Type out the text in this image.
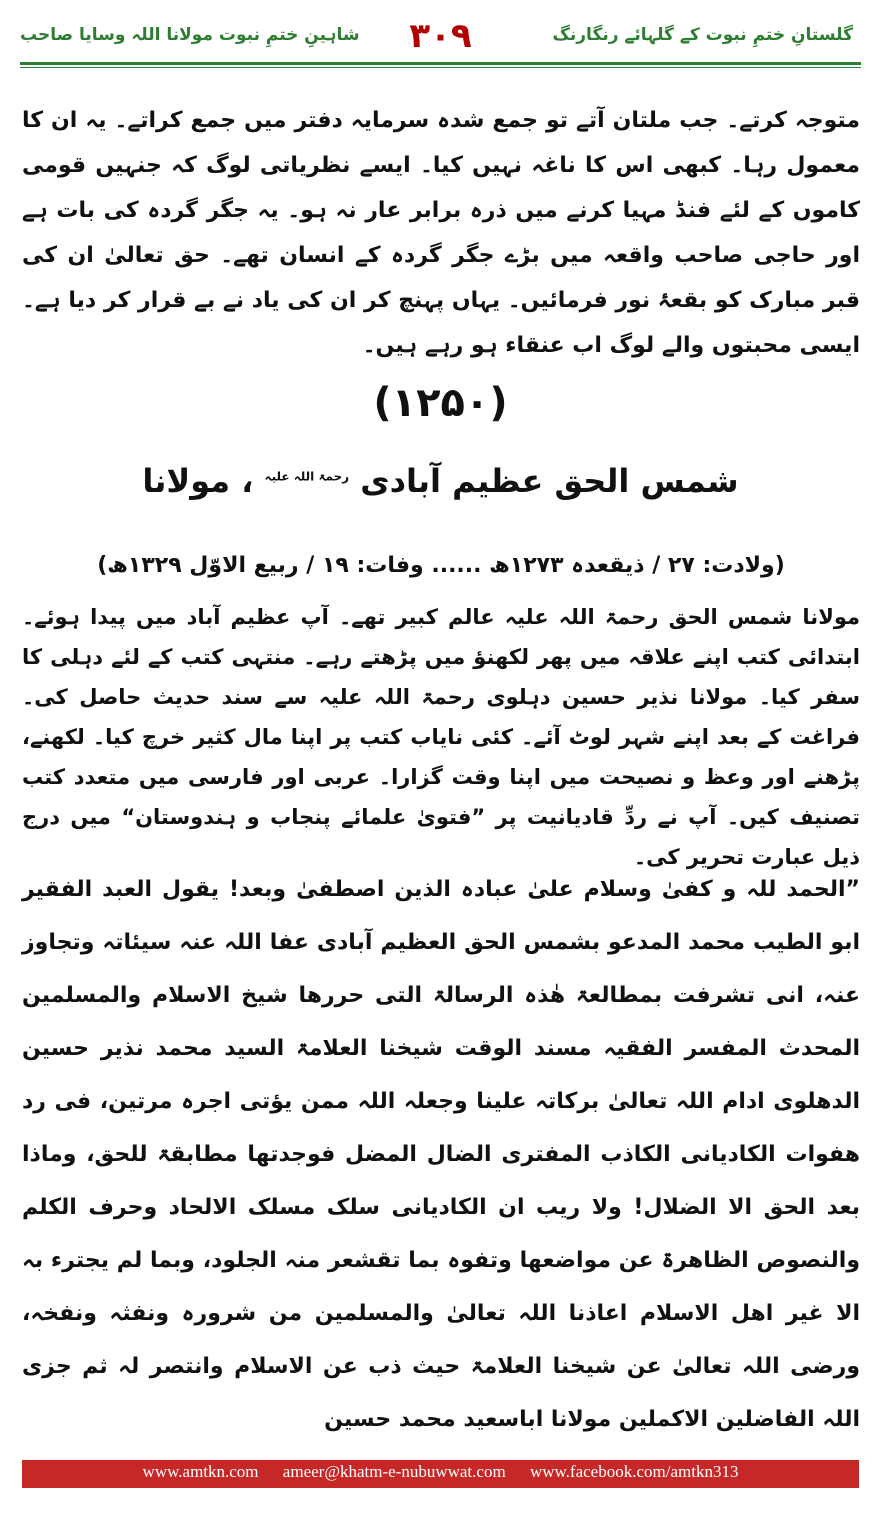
گلستانِ ختمِ نبوت کے گلہائے رنگارنگ
۳۰۹
شاہینِ ختمِ نبوت مولانا اللہ وسایا صاحب
متوجہ کرتے۔ جب ملتان آتے تو جمع شدہ سرمایہ دفتر میں جمع کراتے۔ یہ ان کا معمول رہا۔ کبھی اس کا ناغہ نہیں کیا۔ ایسے نظریاتی لوگ کہ جنہیں قومی کاموں کے لئے فنڈ مہیا کرنے میں ذرہ برابر عار نہ ہو۔ یہ جگر گردہ کی بات ہے اور حاجی صاحب واقعہ میں بڑے جگر گردہ کے انسان تھے۔ حق تعالیٰ ان کی قبر مبارک کو بقعۂ نور فرمائیں۔ یہاں پہنچ کر ان کی یاد نے بے قرار کر دیا ہے۔ ایسی محبتوں والے لوگ اب عنقاء ہو رہے ہیں۔
(۱۲۵۰)
شمس الحق عظیم آبادی $^{رحمۃ اللہ علیہ}$ ، مولانا
(ولادت: ۲۷ / ذیقعدہ ۱۲۷۳ھ ...... وفات: ۱۹ / ربیع الاوّل ۱۳۲۹ھ)
مولانا شمس الحق رحمۃ اللہ علیہ عالم کبیر تھے۔ آپ عظیم آباد میں پیدا ہوئے۔ ابتدائی کتب اپنے علاقہ میں پھر لکھنؤ میں پڑھتے رہے۔ منتہی کتب کے لئے دہلی کا سفر کیا۔ مولانا نذیر حسین دہلوی رحمۃ اللہ علیہ سے سند حدیث حاصل کی۔ فراغت کے بعد اپنے شہر لوٹ آئے۔ کئی نایاب کتب پر اپنا مال کثیر خرچ کیا۔ لکھنے، پڑھنے اور وعظ و نصیحت میں اپنا وقت گزارا۔ عربی اور فارسی میں متعدد کتب تصنیف کیں۔ آپ نے ردِّ قادیانیت پر ”فتویٰ علمائے پنجاب و ہندوستان“ میں درج ذیل عبارت تحریر کی۔
”الحمد للہ و کفیٰ وسلام علیٰ عبادہ الذین اصطفیٰ وبعد! یقول العبد الفقیر ابو الطیب محمد المدعو بشمس الحق العظیم آبادی عفا اللہ عنہ سیئاتہ وتجاوز عنہ، انی تشرفت بمطالعۃ ھٰذہ الرسالۃ التی حررھا شیخ الاسلام والمسلمین المحدث المفسر الفقیہ مسند الوقت شیخنا العلامۃ السید محمد نذیر حسین الدھلوی ادام اللہ تعالیٰ برکاتہ علینا وجعلہ اللہ ممن یؤتی اجرہ مرتین، فی رد ھفوات الکادیانی الکاذب المفتری الضال المضل فوجدتھا مطابقۃ للحق، وماذا بعد الحق الا الضلال! ولا ریب ان الکادیانی سلک مسلک الالحاد وحرف الکلم والنصوص الظاھرۃ عن مواضعھا وتفوہ بما تقشعر منہ الجلود، وبما لم یجترء بہ الا غیر اھل الاسلام اعاذنا اللہ تعالیٰ والمسلمین من شرورہ ونفثہ ونفخہ، ورضی اللہ تعالیٰ عن شیخنا العلامۃ حیث ذب عن الاسلام وانتصر لہ ثم جزی اللہ الفاضلین الاکملین مولانا اباسعید محمد حسین
www.amtkn.com ameer@khatm-e-nubuwwat.com www.facebook.com/amtkn313
